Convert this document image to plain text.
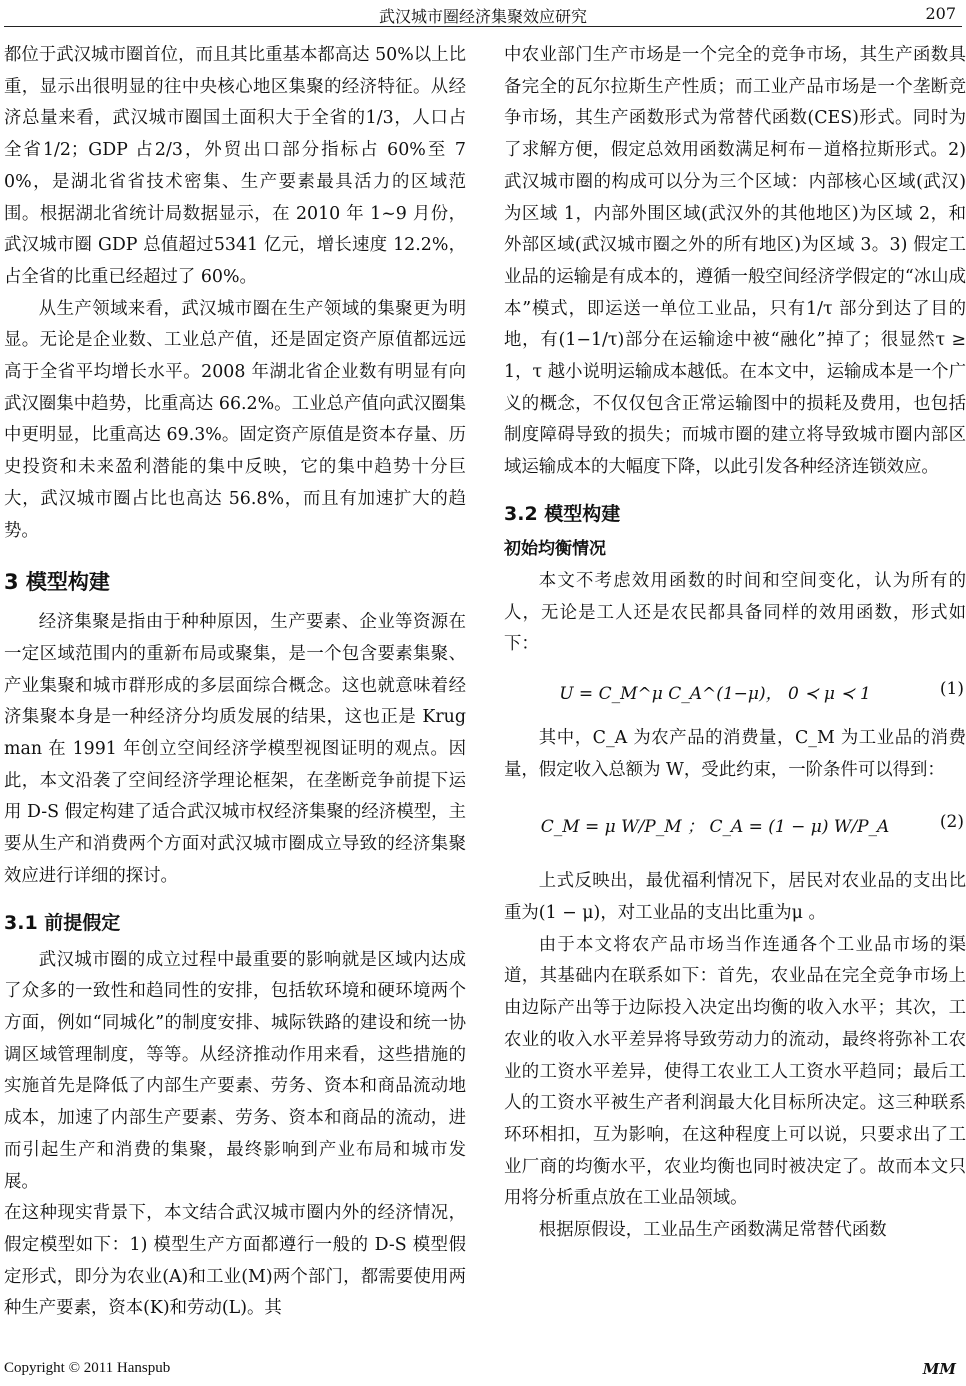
武汉城市圈经济集聚效应研究	207

都位于武汉城市圈首位，而且其比重基本都高达 50%以上比重，显示出很明显的往中央核心地区集聚的经济特征。从经济总量来看，武汉城市圈国土面积大于全省的1/3，人口占全省1/2；GDP 占2/3，外贸出口部分指标占 60%至 70%，是湖北省省技术密集、生产要素最具活力的区域范围。根据湖北省统计局数据显示，在 2010 年 1~9 月份，武汉城市圈 GDP 总值超过5341 亿元，增长速度 12.2%，占全省的比重已经超过了 60%。

从生产领域来看，武汉城市圈在生产领域的集聚更为明显。无论是企业数、工业总产值，还是固定资产原值都远远高于全省平均增长水平。2008 年湖北省企业数有明显有向武汉圈集中趋势，比重高达 66.2%。工业总产值向武汉圈集中更明显，比重高达 69.3%。固定资产原值是资本存量、历史投资和未来盈利潜能的集中反映，它的集中趋势十分巨大，武汉城市圈占比也高达 56.8%，而且有加速扩大的趋势。

3 模型构建

经济集聚是指由于种种原因，生产要素、企业等资源在一定区域范围内的重新布局或聚集，是一个包含要素集聚、产业集聚和城市群形成的多层面综合概念。这也就意味着经济集聚本身是一种经济分均质发展的结果，这也正是 Krugman 在 1991 年创立空间经济学模型视图证明的观点。因此，本文沿袭了空间经济学理论框架，在垄断竞争前提下运用 D-S 假定构建了适合武汉城市权经济集聚的经济模型，主要从生产和消费两个方面对武汉城市圈成立导致的经济集聚效应进行详细的探讨。

3.1 前提假定

武汉城市圈的成立过程中最重要的影响就是区域内达成了众多的一致性和趋同性的安排，包括软环境和硬环境两个方面，例如“同城化”的制度安排、城际铁路的建设和统一协调区域管理制度，等等。从经济推动作用来看，这些措施的实施首先是降低了内部生产要素、劳务、资本和商品流动地成本，加速了内部生产要素、劳务、资本和商品的流动，进而引起生产和消费的集聚，最终影响到产业布局和城市发展。

在这种现实背景下，本文结合武汉城市圈内外的经济情况，假定模型如下：1) 模型生产方面都遵行一般的 D-S 模型假定形式，即分为农业(A)和工业(M)两个部门，都需要使用两种生产要素，资本(K)和劳动(L)。其

中农业部门生产市场是一个完全的竞争市场，其生产函数具备完全的瓦尔拉斯生产性质；而工业产品市场是一个垄断竞争市场，其生产函数形式为常替代函数(CES)形式。同时为了求解方便，假定总效用函数满足柯布－道格拉斯形式。2) 武汉城市圈的构成可以分为三个区域：内部核心区域(武汉)为区域 1，内部外围区域(武汉外的其他地区)为区域 2，和外部区域(武汉城市圈之外的所有地区)为区域 3。3) 假定工业品的运输是有成本的，遵循一般空间经济学假定的“冰山成本”模式，即运送一单位工业品，只有1/τ 部分到达了目的地，有(1−1/τ)部分在运输途中被“融化”掉了；很显然τ ≥1，τ 越小说明运输成本越低。在本文中，运输成本是一个广义的概念，不仅仅包含正常运输图中的损耗及费用，也包括制度障碍导致的损失；而城市圈的建立将导致城市圈内部区域运输成本的大幅度下降，以此引发各种经济连锁效应。

3.2 模型构建
初始均衡情况

本文不考虑效用函数的时间和空间变化，认为所有的人，无论是工人还是农民都具备同样的效用函数，形式如下：

U = C_M^μ C_A^(1−μ)， 0 ≺ μ ≺ 1	(1)

其中，C_A 为农产品的消费量，C_M 为工业品的消费量，假定收入总额为 W，受此约束，一阶条件可以得到：

C_M = μ W/P_M ； C_A = (1 − μ) W/P_A	(2)

上式反映出，最优福利情况下，居民对农业品的支出比重为(1 − μ)，对工业品的支出比重为μ 。

由于本文将农产品市场当作连通各个工业品市场的渠道，其基础内在联系如下：首先，农业品在完全竞争市场上由边际产出等于边际投入决定出均衡的收入水平；其次，工农业的收入水平差异将导致劳动力的流动，最终将弥补工农业的工资水平差异，使得工农业工人工资水平趋同；最后工人的工资水平被生产者利润最大化目标所决定。这三种联系环环相扣，互为影响，在这种程度上可以说，只要求出了工业厂商的均衡水平，农业均衡也同时被决定了。故而本文只用将分析重点放在工业品领域。

根据原假设，工业品生产函数满足常替代函数

Copyright © 2011 Hanspub	MM
